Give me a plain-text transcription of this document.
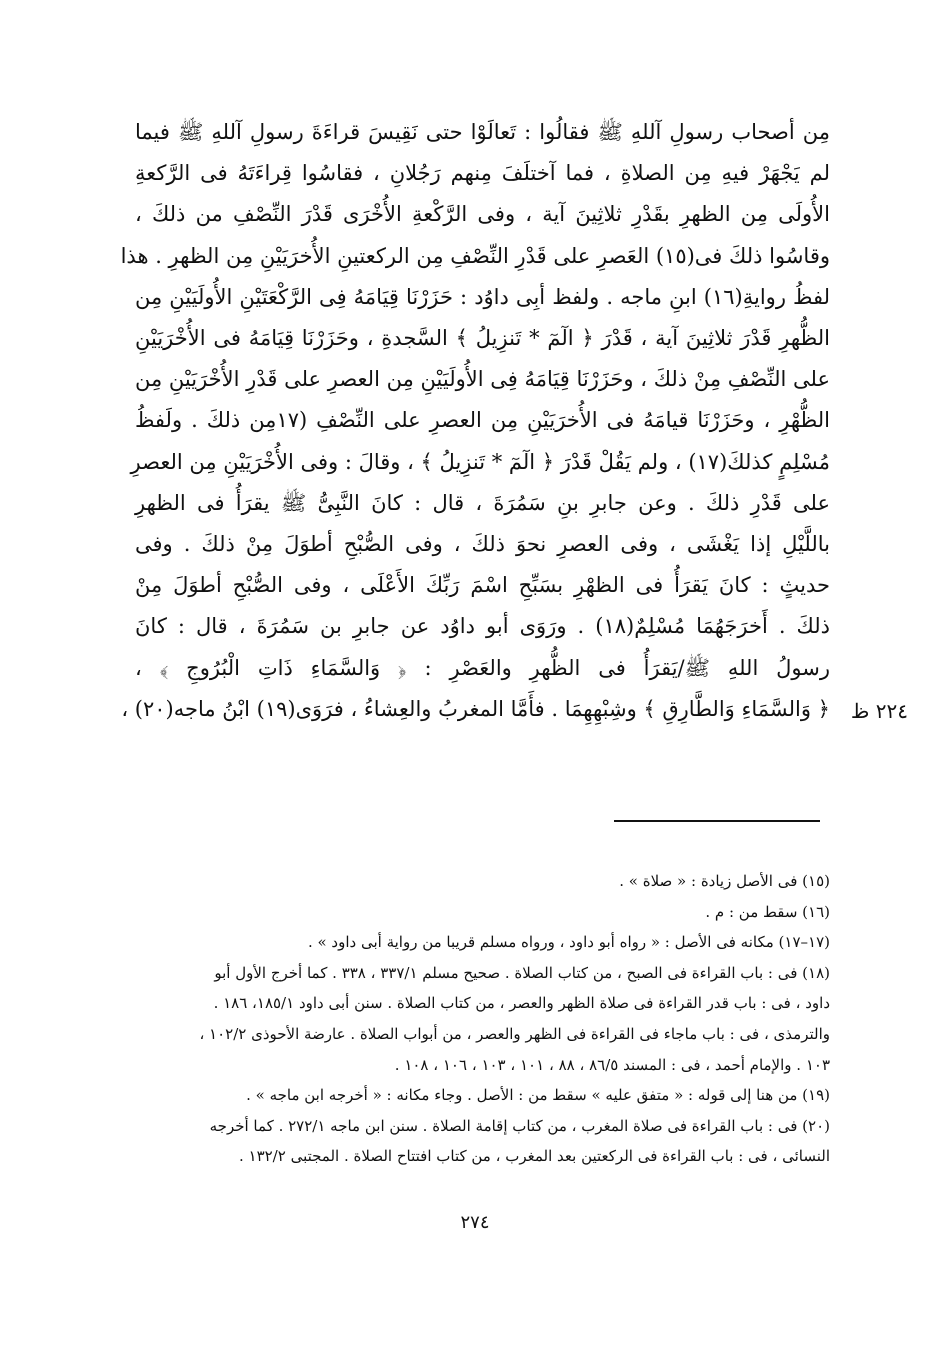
مِن أصحاب رسولِ آللهِ ﷺ فقالُوا : تَعالَوْا حتى نَقِيسَ قراءَةَ رسولِ آللهِ ﷺ فيما
لم يَجْهَرْ فيهِ مِن الصلاةِ ، فما آختلَفَ مِنهم رَجُلانِ ، فقاسُوا قِراءَتَهُ فى الرَّكعةِ
الأُولَى مِن الظهرِ بقَدْرِ ثلاثِينَ آية ، وفى الرَّكْعةِ الأُخْرَى قَدْرَ النِّصْفِ من ذلكَ ،
وقاسُوا ذلكَ فى(١٥) العَصرِ على قَدْرِ النِّصْفِ مِن الركعتينِ الأُخرَيَيْنِ مِن الظهرِ . هذا
لفظُ روايةِ(١٦) ابنِ ماجه . ولفظ أبِى داوُد : حَزَرْنَا قِيَامَهُ فِى الرَّكْعَتَيْنِ الأُولَيَيْنِ مِن
الظُّهرِ قَدْرَ ثلاثِينَ آية ، قَدْرَ ﴿ الٓمٓ * تَنزِيلُ ﴾ السَّجدةِ ، وحَزَرْنَا قِيَامَهُ فى الأُخْرَيَيْنِ
على النِّصْفِ مِنْ ذلكَ ، وحَزَرْنَا قِيَامَهُ فِى الأُولَيَيْنِ مِن العصرِ على قَدْرِ الأُخْرَيَيْنِ مِن
الظُّهْرِ ، وحَزَرْنَا قيامَهُ فى الأُخرَيَيْنِ مِن العصرِ على النِّصْفِ (١٧مِن ذلكَ . ولَفظُ
مُسْلِمٍ كذلكَ(١٧) ، ولم يَقُلْ قَدْرَ ﴿ الٓمٓ * تَنزِيلُ ﴾ ، وقالَ : وفى الأُخْرَيَيْنِ مِن العصرِ
على قَدْرِ ذلكَ . وعن جابرِ بنِ سَمُرَةَ ، قال : كانَ النَّبِىُّ ﷺ يقرَأُ فى الظهرِ
باللَّيْلِ إذا يَغْشَى ، وفى العصرِ نحوَ ذلكَ ، وفى الصُّبْحِ أطوَلَ مِنْ ذلكَ . وفى
حديثٍ : كانَ يَقرَأُ فى الظهْرِ بسَبِّحِ اسْمَ رَبِّكَ الأَعْلَى ، وفى الصُّبْحِ أطوَلَ مِنْ
ذلكَ . أَخرَجَهُمَا مُسْلِمٌ(١٨) . ورَوَى أبو داوُد عن جابرِ بن سَمُرَةَ ، قال : كانَ
رسولُ اللهِ ﷺ/يَقرَأُ فى الظُّهرِ والعَصْرِ : ﴿ وَالسَّمَاءِ ذَاتِ الْبُرُوجِ ﴾ ،
﴿ وَالسَّمَاءِ وَالطَّارِقِ ﴾ وشِبْهِهِمَا . فأَمَّا المغربُ والعِشاءُ ، فرَوَى(١٩) ابْنُ ماجه(٢٠) ،	٢٢٤ ظ
(١٥) فى الأصل زيادة : « صلاة » .
(١٦) سقط من : م .
(١٧–١٧) مكانه فى الأصل : « رواه أبو داود ، ورواه مسلم قريبا من رواية أبى داود » .
(١٨) فى : باب القراءة فى الصبح ، من كتاب الصلاة . صحيح مسلم ٣٣٧/١ ، ٣٣٨ . كما أخرج الأول أبو
داود ، فى : باب قدر القراءة فى صلاة الظهر والعصر ، من كتاب الصلاة . سنن أبى داود ١٨٥/١، ١٨٦ .
والترمذى ، فى : باب ماجاء فى القراءة فى الظهر والعصر ، من أبواب الصلاة . عارضة الأحوذى ١٠٢/٢ ،
١٠٣ . والإمام أحمد ، فى : المسند ٨٦/٥ ، ٨٨ ، ١٠١ ، ١٠٣ ، ١٠٦ ، ١٠٨ .
(١٩) من هنا إلى قوله : « متفق عليه » سقط من : الأصل . وجاء مكانه : « أخرجه ابن ماجه » .
(٢٠) فى : باب القراءة فى صلاة المغرب ، من كتاب إقامة الصلاة . سنن ابن ماجه ٢٧٢/١ . كما أخرجه
النسائى ، فى : باب القراءة فى الركعتين بعد المغرب ، من كتاب افتتاح الصلاة . المجتبى ١٣٢/٢ .
٢٧٤
